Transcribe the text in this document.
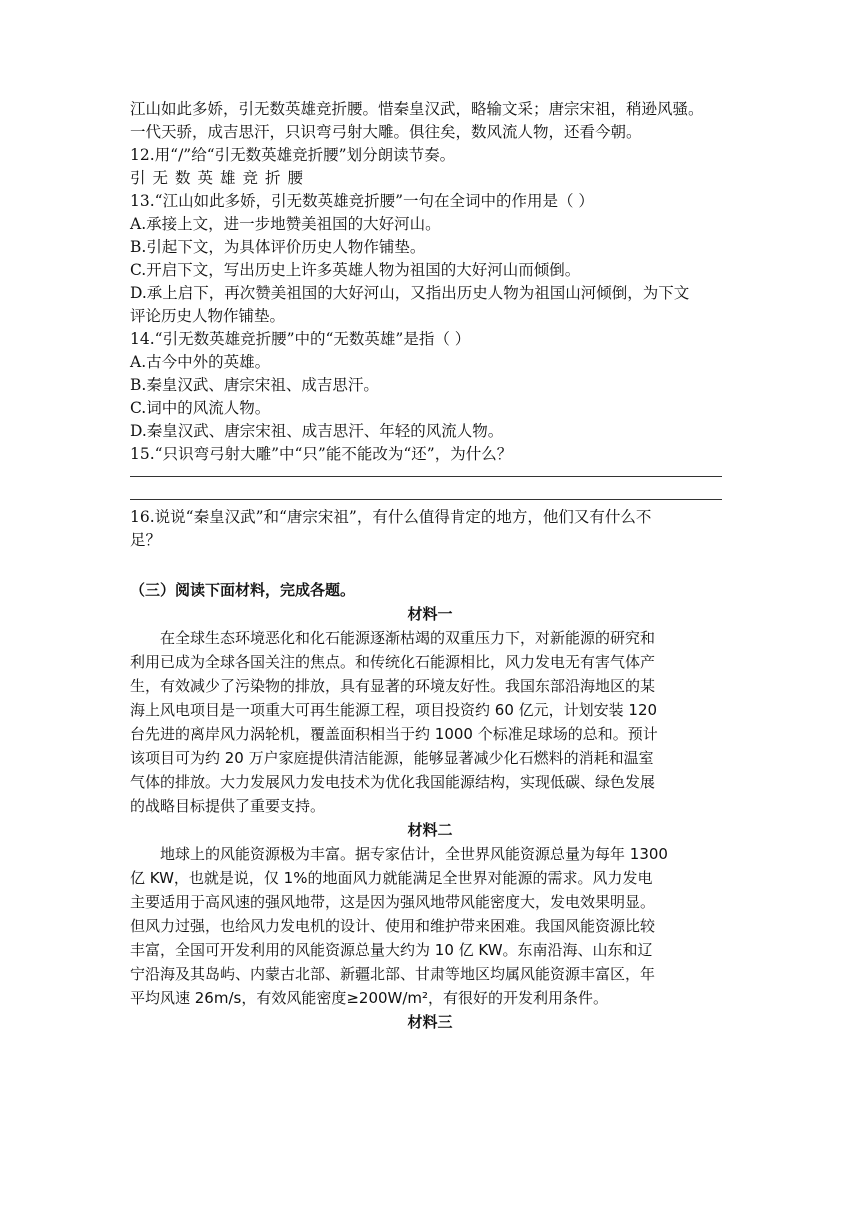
江山如此多娇，引无数英雄竞折腰。惜秦皇汉武，略输文采；唐宗宋祖，稍逊风骚。
一代天骄，成吉思汗，只识弯弓射大雕。俱往矣，数风流人物，还看今朝。
12.用“/”给“引无数英雄竞折腰”划分朗读节奏。
引无数英雄竞折腰
13.“江山如此多娇，引无数英雄竞折腰”一句在全词中的作用是（ ）
A.承接上文，进一步地赞美祖国的大好河山。
B.引起下文，为具体评价历史人物作铺垫。
C.开启下文，写出历史上许多英雄人物为祖国的大好河山而倾倒。
D.承上启下，再次赞美祖国的大好河山，又指出历史人物为祖国山河倾倒，为下文
评论历史人物作铺垫。
14.“引无数英雄竞折腰”中的“无数英雄”是指（ ）
A.古今中外的英雄。
B.秦皇汉武、唐宗宋祖、成吉思汗。
C.词中的风流人物。
D.秦皇汉武、唐宗宋祖、成吉思汗、年轻的风流人物。
15.“只识弯弓射大雕”中“只”能不能改为“还”，为什么？
16.说说“秦皇汉武”和“唐宗宋祖”，有什么值得肯定的地方，他们又有什么不
足？
（三）阅读下面材料，完成各题。
材料一
在全球生态环境恶化和化石能源逐渐枯竭的双重压力下，对新能源的研究和
利用已成为全球各国关注的焦点。和传统化石能源相比，风力发电无有害气体产
生，有效减少了污染物的排放，具有显著的环境友好性。我国东部沿海地区的某
海上风电项目是一项重大可再生能源工程，项目投资约 60 亿元，计划安装 120
台先进的离岸风力涡轮机，覆盖面积相当于约 1000 个标准足球场的总和。预计
该项目可为约 20 万户家庭提供清洁能源，能够显著减少化石燃料的消耗和温室
气体的排放。大力发展风力发电技术为优化我国能源结构，实现低碳、绿色发展
的战略目标提供了重要支持。
材料二
地球上的风能资源极为丰富。据专家估计，全世界风能资源总量为每年 1300
亿 KW，也就是说，仅 1%的地面风力就能满足全世界对能源的需求。风力发电
主要适用于高风速的强风地带，这是因为强风地带风能密度大，发电效果明显。
但风力过强，也给风力发电机的设计、使用和维护带来困难。我国风能资源比较
丰富，全国可开发利用的风能资源总量大约为 10 亿 KW。东南沿海、山东和辽
宁沿海及其岛屿、内蒙古北部、新疆北部、甘肃等地区均属风能资源丰富区，年
平均风速 26m/s，有效风能密度≥200W/m²，有很好的开发利用条件。
材料三
